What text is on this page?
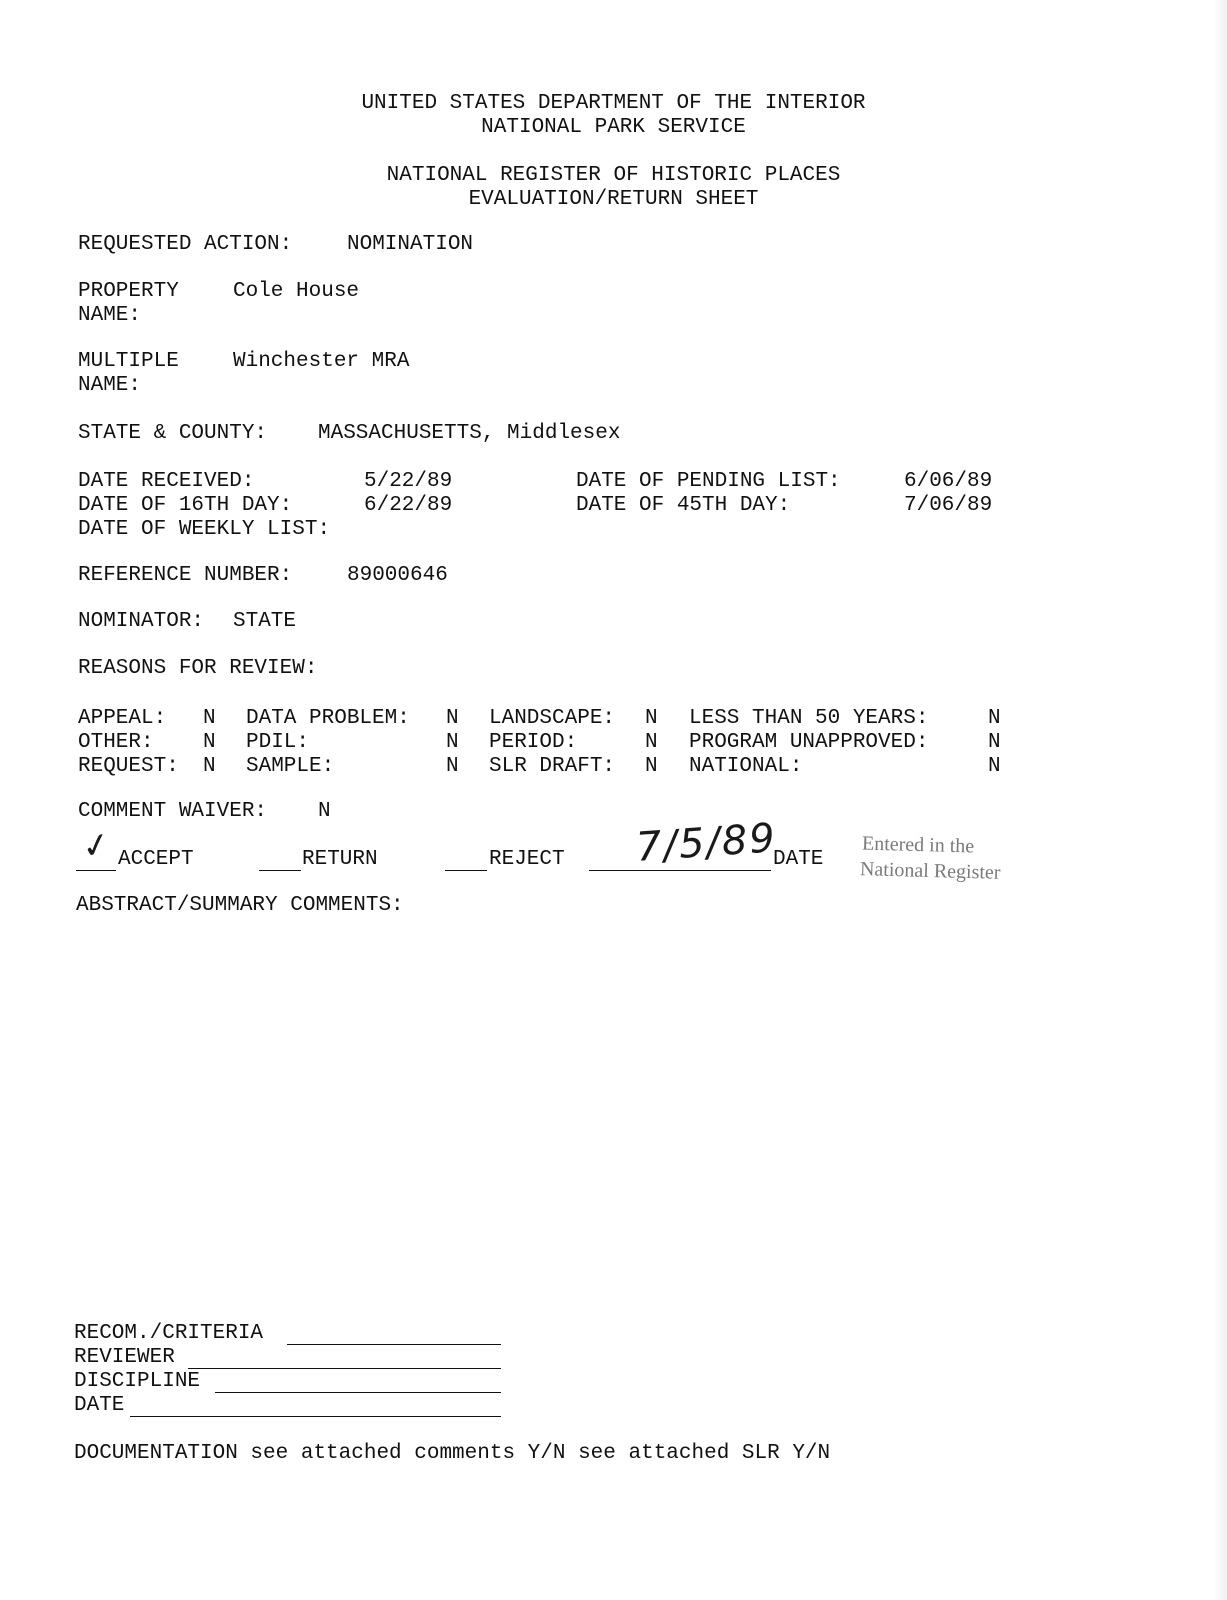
UNITED STATES DEPARTMENT OF THE INTERIOR
NATIONAL PARK SERVICE
NATIONAL REGISTER OF HISTORIC PLACES
EVALUATION/RETURN SHEET
REQUESTED ACTION:	NOMINATION
PROPERTY
NAME:
Cole House
MULTIPLE
NAME:
Winchester MRA
STATE & COUNTY: MASSACHUSETTS, Middlesex
DATE RECEIVED:	5/22/89	DATE OF PENDING LIST:	6/06/89
DATE OF 16TH DAY:	6/22/89	DATE OF 45TH DAY:	7/06/89
DATE OF WEEKLY LIST:
REFERENCE NUMBER:	89000646
NOMINATOR: STATE
REASONS FOR REVIEW:
APPEAL: N DATA PROBLEM: N LANDSCAPE: N LESS THAN 50 YEARS:	N
OTHER: N PDIL:	N PERIOD:	N PROGRAM UNAPPROVED:	N
REQUEST: N SAMPLE:	N SLR DRAFT: N NATIONAL:	N
COMMENT WAIVER: N
✓ ACCEPT	RETURN	REJECT 7/5/89
DATE
Entered in the
National Register
ABSTRACT/SUMMARY COMMENTS:
RECOM./CRITERIA
REVIEWER
DISCIPLINE
DATE
DOCUMENTATION see attached comments Y/N see attached SLR Y/N
